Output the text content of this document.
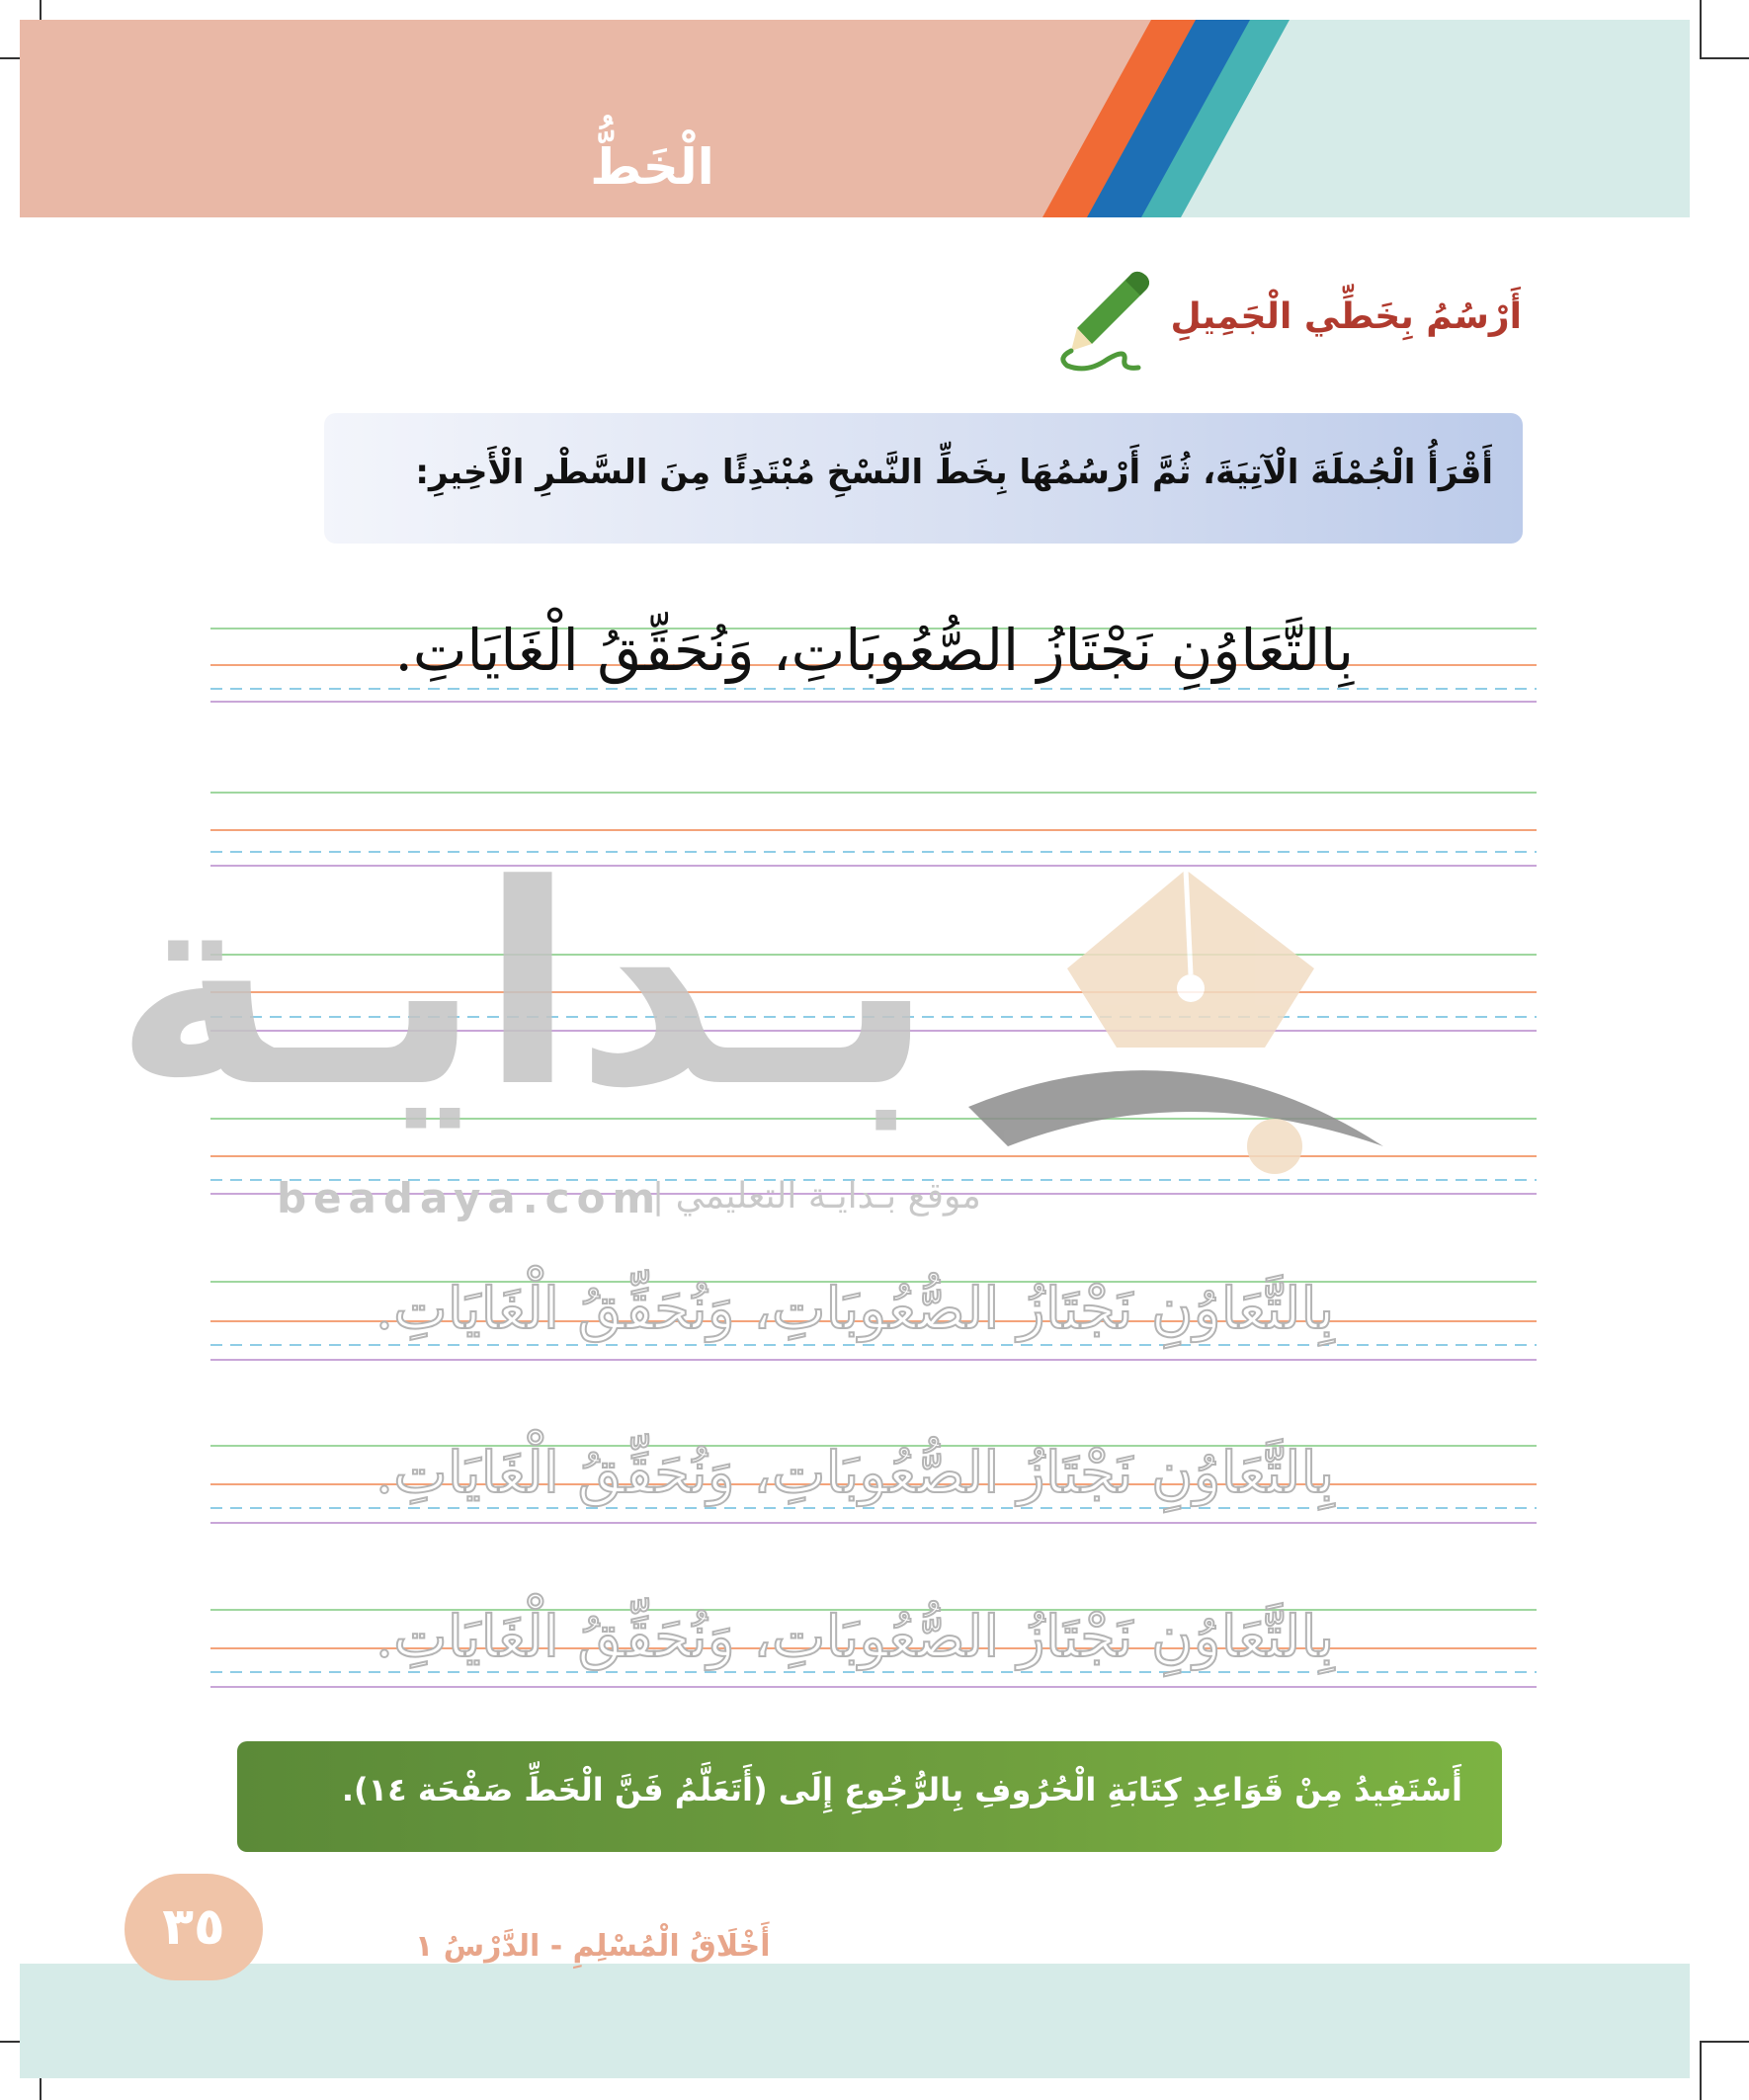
الْخَطُّ
أَرْسُمُ بِخَطِّي الْجَمِيلِ
أَقْرَأُ الْجُمْلَةَ الْآتِيَةَ، ثُمَّ أَرْسُمُهَا بِخَطِّ النَّسْخِ مُبْتَدِئًا مِنَ السَّطْرِ الْأَخِيرِ:
بـدايـة
beadaya.com
موقع بـدايـة التعليمي |
بِالتَّعَاوُنِ نَجْتَازُ الصُّعُوبَاتِ، وَنُحَقِّقُ الْغَايَاتِ.
بِالتَّعَاوُنِ نَجْتَازُ الصُّعُوبَاتِ، وَنُحَقِّقُ الْغَايَاتِ.
بِالتَّعَاوُنِ نَجْتَازُ الصُّعُوبَاتِ، وَنُحَقِّقُ الْغَايَاتِ.
بِالتَّعَاوُنِ نَجْتَازُ الصُّعُوبَاتِ، وَنُحَقِّقُ الْغَايَاتِ.
أَسْتَفِيدُ مِنْ قَوَاعِدِ كِتَابَةِ الْحُرُوفِ بِالرُّجُوعِ إِلَى (أَتَعَلَّمُ فَنَّ الْخَطِّ صَفْحَة ١٤).
٣٥	أَخْلَاقُ الْمُسْلِمِ - الدَّرْسُ ١
